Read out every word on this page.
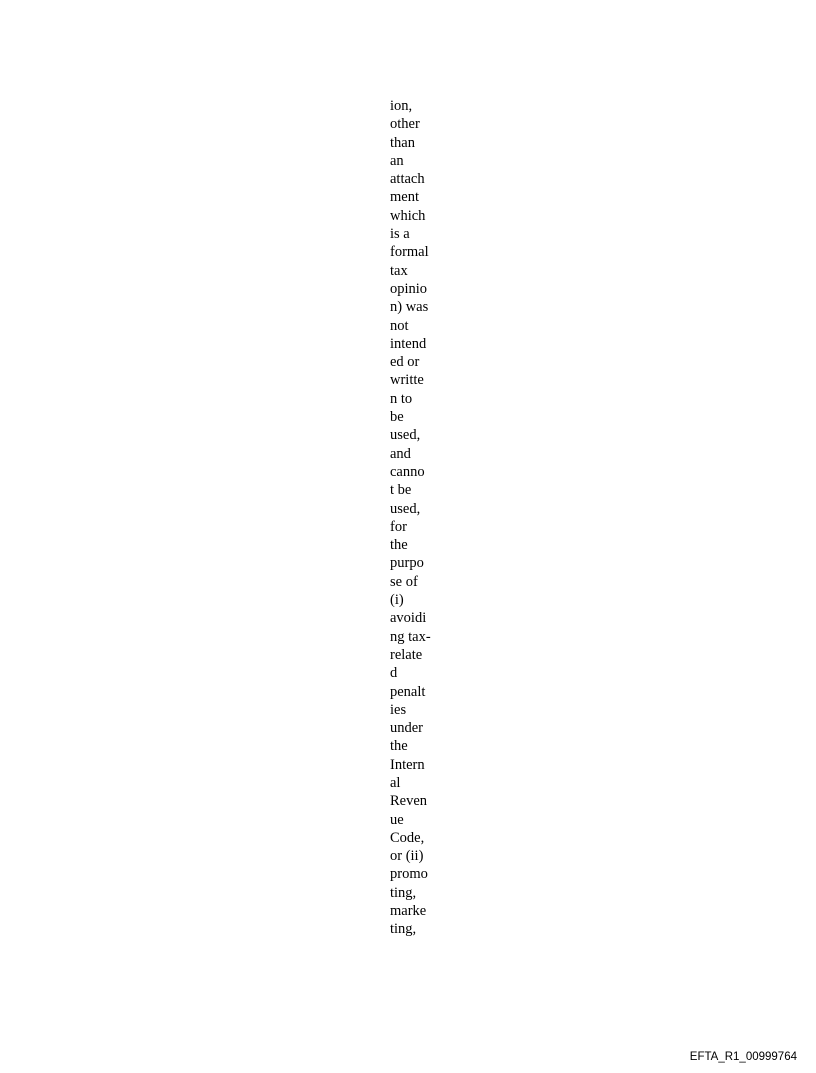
ion,
other
than
an
attach
ment
which
is a
formal
tax
opinio
n) was
not
intend
ed or
writte
n to
be
used,
and
canno
t be
used,
for
the
purpo
se of
(i)
avoidi
ng tax-
relate
d
penalt
ies
under
the
Intern
al
Reven
ue
Code,
or (ii)
promo
ting,
marke
ting,
EFTA_R1_00999764
